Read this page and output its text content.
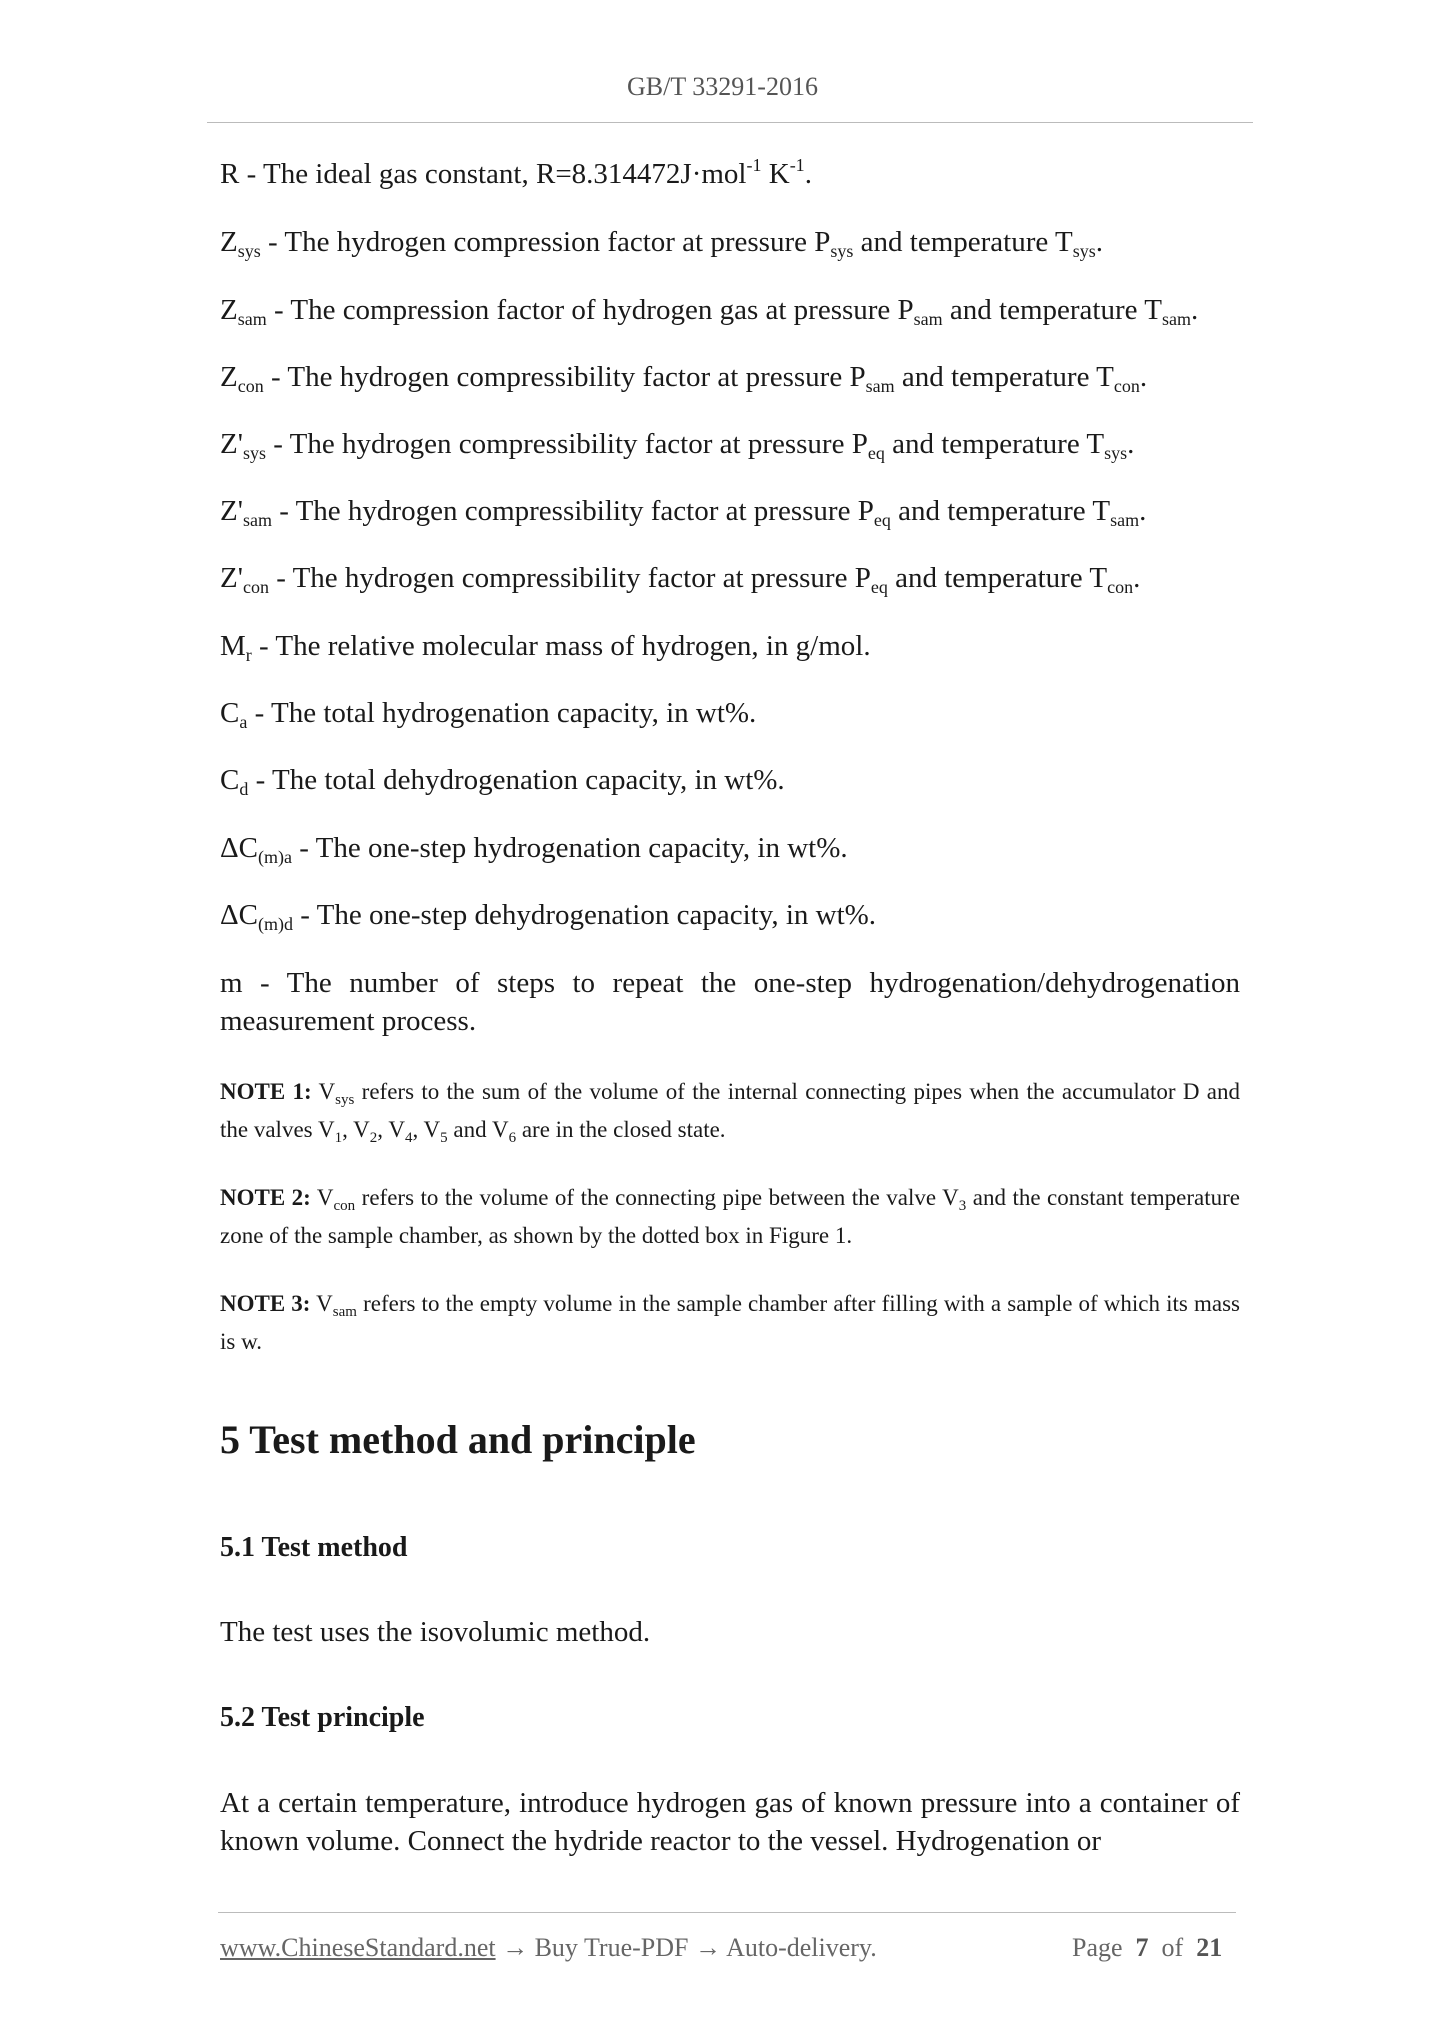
GB/T 33291-2016

R - The ideal gas constant, R=8.314472J·mol$^{-1}$ $K^{-1}$.

$Z_{sys}$ - The hydrogen compression factor at pressure $P_{sys}$ and temperature $T_{sys}$.

$Z_{sam}$ - The compression factor of hydrogen gas at pressure $P_{sam}$ and temperature $T_{sam}$.

$Z_{con}$ - The hydrogen compressibility factor at pressure $P_{sam}$ and temperature $T_{con}$.

$Z'_{sys}$ - The hydrogen compressibility factor at pressure $P_{eq}$ and temperature $T_{sys}$.

$Z'_{sam}$ - The hydrogen compressibility factor at pressure $P_{eq}$ and temperature $T_{sam}$.

$Z'_{con}$ - The hydrogen compressibility factor at pressure $P_{eq}$ and temperature $T_{con}$.

$M_r$ - The relative molecular mass of hydrogen, in g/mol.

$C_a$ - The total hydrogenation capacity, in wt%.

$C_d$ - The total dehydrogenation capacity, in wt%.

$\Delta C_{(m)a}$ - The one-step hydrogenation capacity, in wt%.

$\Delta C_{(m)d}$ - The one-step dehydrogenation capacity, in wt%.

m - The number of steps to repeat the one-step hydrogenation/dehydrogenation measurement process.

NOTE 1: $V_{sys}$ refers to the sum of the volume of the internal connecting pipes when the accumulator D and the valves $V_1$, $V_2$, $V_4$, $V_5$ and $V_6$ are in the closed state.

NOTE 2: $V_{con}$ refers to the volume of the connecting pipe between the valve $V_3$ and the constant temperature zone of the sample chamber, as shown by the dotted box in Figure 1.

NOTE 3: $V_{sam}$ refers to the empty volume in the sample chamber after filling with a sample of which its mass is w.

5 Test method and principle
5.1 Test method

The test uses the isovolumic method.

5.2 Test principle

At a certain temperature, introduce hydrogen gas of known pressure into a container of known volume. Connect the hydride reactor to the vessel. Hydrogenation or

www.ChineseStandard.net → Buy True-PDF → Auto-delivery.	Page 7 of 21
